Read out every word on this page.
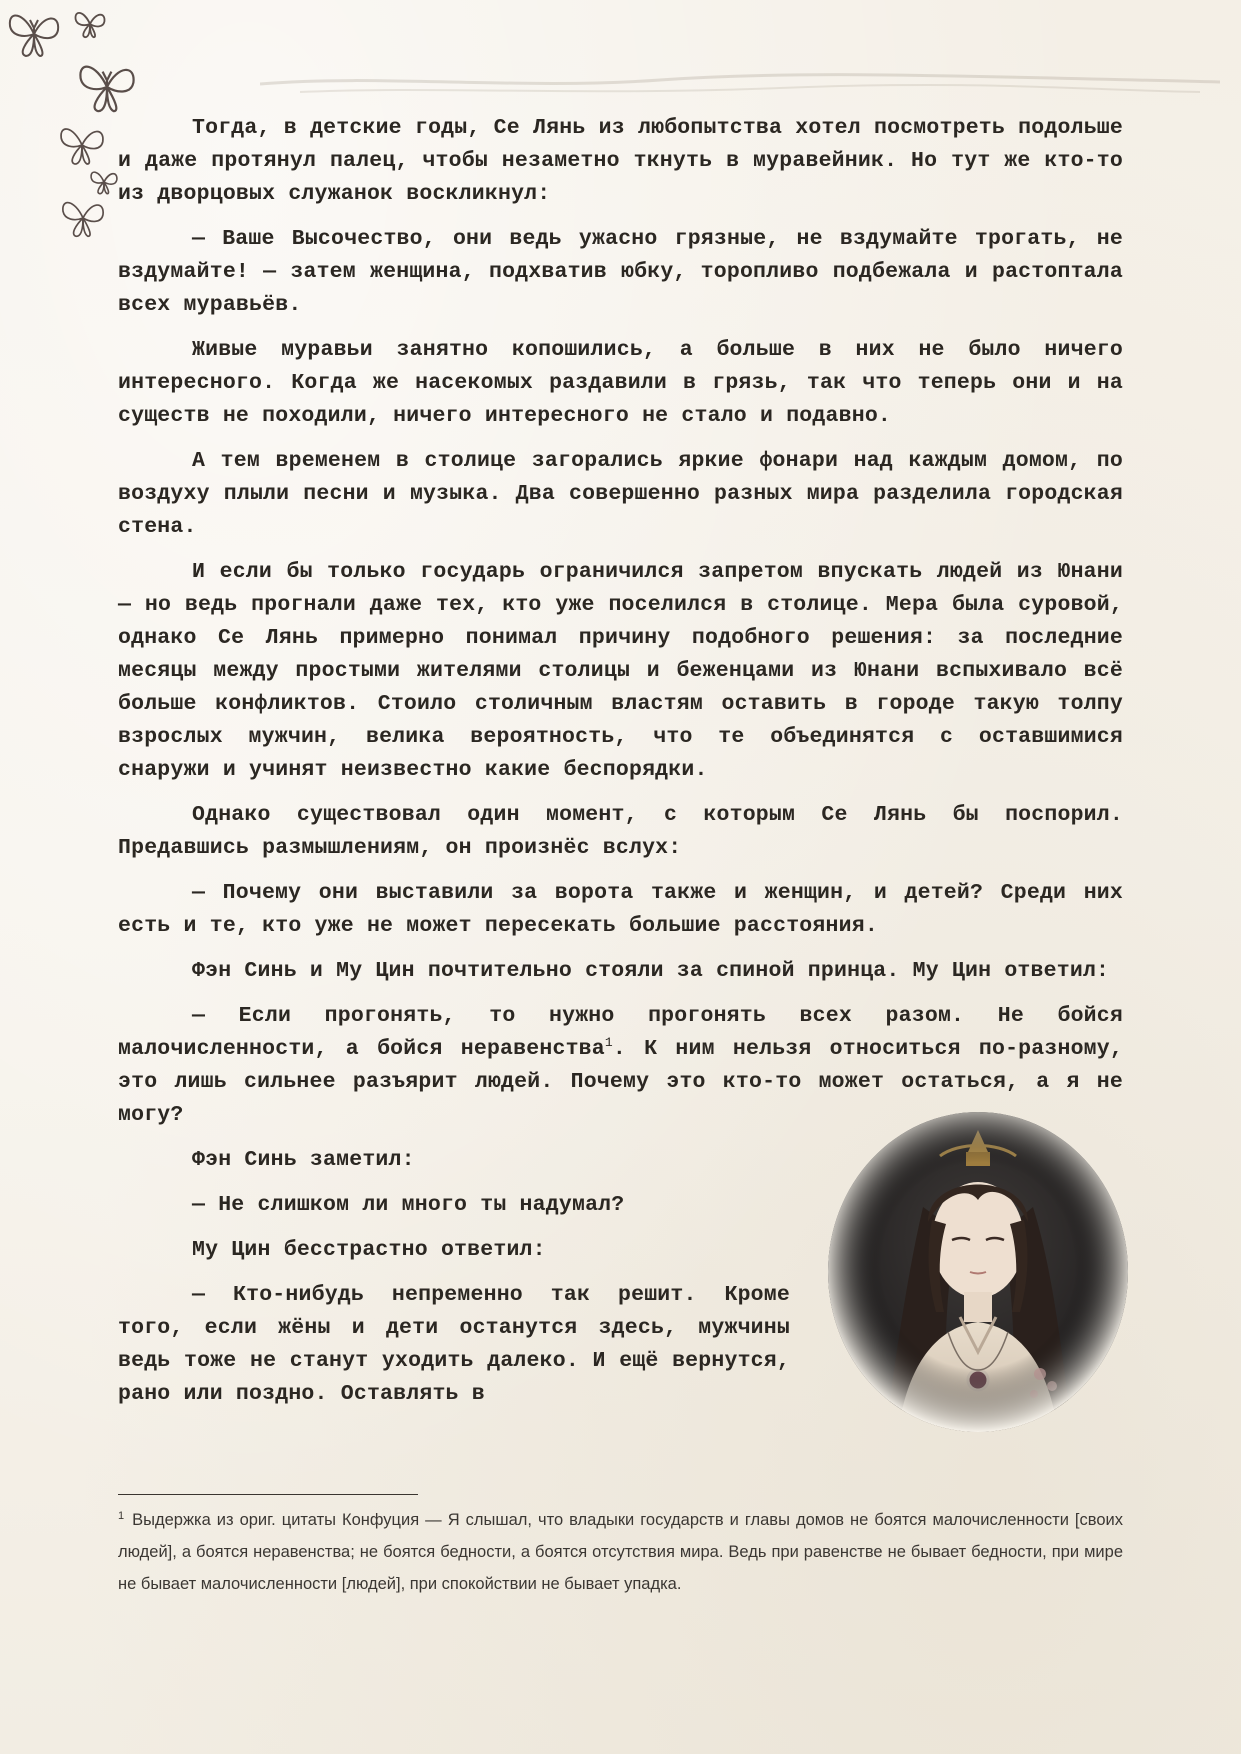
Тогда, в детские годы, Се Лянь из любопытства хотел посмотреть подольше и даже протянул палец, чтобы незаметно ткнуть в муравейник. Но тут же кто-то из дворцовых служанок воскликнул:

— Ваше Высочество, они ведь ужасно грязные, не вздумайте трогать, не вздумайте! — затем женщина, подхватив юбку, торопливо подбежала и растоптала всех муравьёв.

Живые муравьи занятно копошились, а больше в них не было ничего интересного. Когда же насекомых раздавили в грязь, так что теперь они и на существ не походили, ничего интересного не стало и подавно.

А тем временем в столице загорались яркие фонари над каждым домом, по воздуху плыли песни и музыка. Два совершенно разных мира разделила городская стена.

И если бы только государь ограничился запретом впускать людей из Юнани — но ведь прогнали даже тех, кто уже поселился в столице. Мера была суровой, однако Се Лянь примерно понимал причину подобного решения: за последние месяцы между простыми жителями столицы и беженцами из Юнани вспыхивало всё больше конфликтов. Стоило столичным властям оставить в городе такую толпу взрослых мужчин, велика вероятность, что те объединятся с оставшимися снаружи и учинят неизвестно какие беспорядки.

Однако существовал один момент, с которым Се Лянь бы поспорил. Предавшись размышлениям, он произнёс вслух:

— Почему они выставили за ворота также и женщин, и детей? Среди них есть и те, кто уже не может пересекать большие расстояния.

Фэн Синь и Му Цин почтительно стояли за спиной принца. Му Цин ответил:

— Если прогонять, то нужно прогонять всех разом. Не бойся малочисленности, а бойся неравенства$^1$. К ним нельзя относиться по-разному, это лишь сильнее разъярит людей. Почему это кто-то может остаться, а я не могу?

Фэн Синь заметил:

— Не слишком ли много ты надумал?

Му Цин бесстрастно ответил:

— Кто-нибудь непременно так решит. Кроме того, если жёны и дети останутся здесь, мужчины ведь тоже не станут уходить далеко. И ещё вернутся, рано или поздно. Оставлять в

$^1$ Выдержка из ориг. цитаты Конфуция — Я слышал, что владыки государств и главы домов не боятся малочисленности [своих людей], а боятся неравенства; не боятся бедности, а боятся отсутствия мира. Ведь при равенстве не бывает бедности, при мире не бывает малочисленности [людей], при спокойствии не бывает упадка.
